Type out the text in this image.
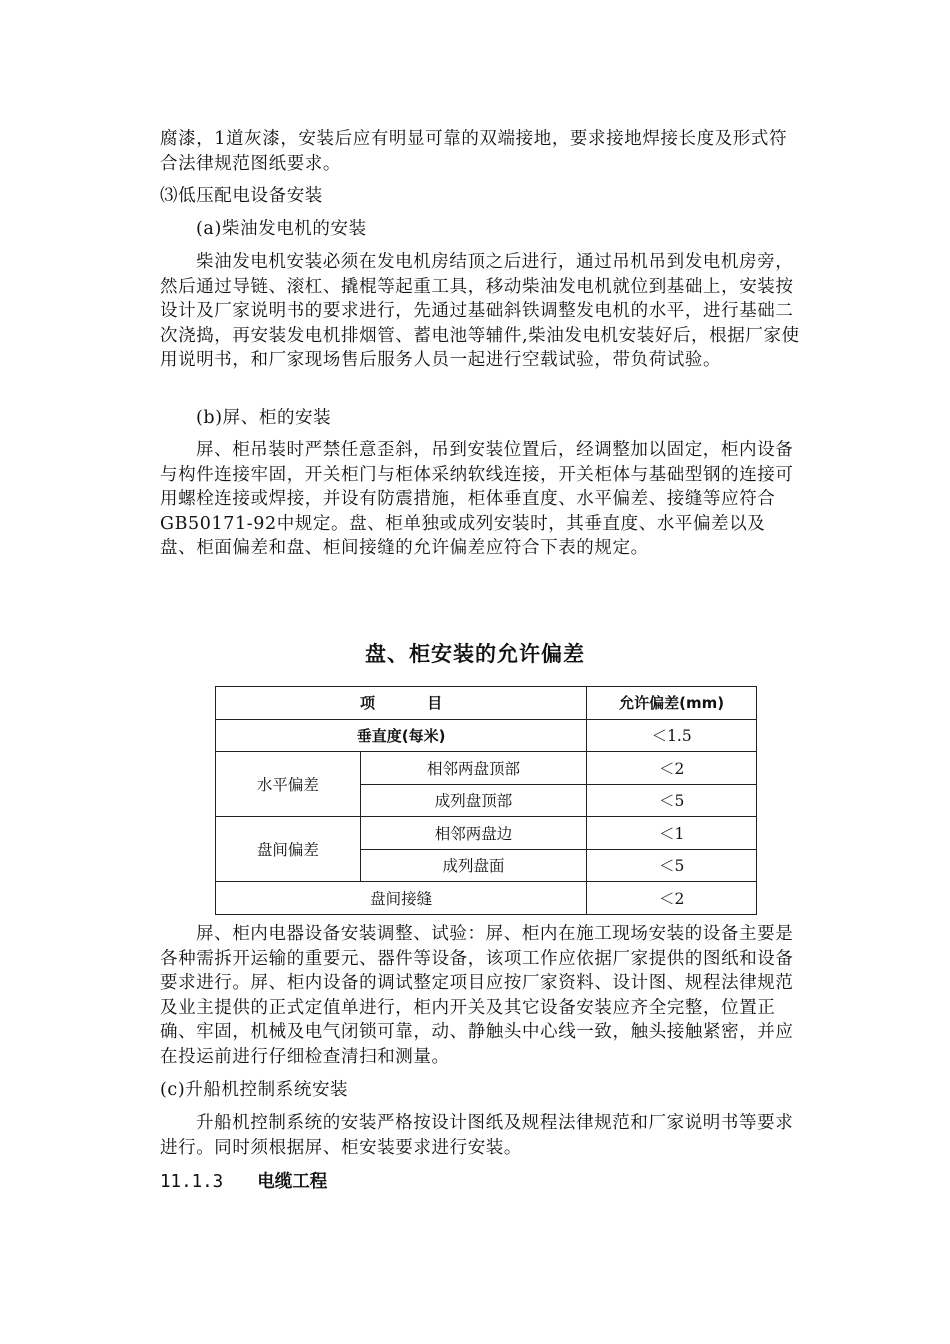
腐漆，1道灰漆，安装后应有明显可靠的双端接地，要求接地焊接长度及形式符合法律规范图纸要求。

⑶低压配电设备安装

(a)柴油发电机的安装

柴油发电机安装必须在发电机房结顶之后进行，通过吊机吊到发电机房旁，然后通过导链、滚杠、撬棍等起重工具，移动柴油发电机就位到基础上，安装按设计及厂家说明书的要求进行，先通过基础斜铁调整发电机的水平，进行基础二次浇捣，再安装发电机排烟管、蓄电池等辅件,柴油发电机安装好后，根据厂家使用说明书，和厂家现场售后服务人员一起进行空载试验，带负荷试验。

(b)屏、柜的安装

屏、柜吊装时严禁任意歪斜，吊到安装位置后，经调整加以固定，柜内设备与构件连接牢固，开关柜门与柜体采纳软线连接，开关柜体与基础型钢的连接可用螺栓连接或焊接，并设有防震措施，柜体垂直度、水平偏差、接缝等应符合GB50171-92中规定。盘、柜单独或成列安装时，其垂直度、水平偏差以及盘、柜面偏差和盘、柜间接缝的允许偏差应符合下表的规定。

盘、柜安装的允许偏差
项          目		允许偏差(mm)
垂直度(每米)		＜1.5
水平偏差	相邻两盘顶部	＜2
	成列盘顶部	＜5
盘间偏差	相邻两盘边	＜1
	成列盘面	＜5
盘间接缝		＜2

屏、柜内电器设备安装调整、试验：屏、柜内在施工现场安装的设备主要是各种需拆开运输的重要元、器件等设备，该项工作应依据厂家提供的图纸和设备要求进行。屏、柜内设备的调试整定项目应按厂家资料、设计图、规程法律规范及业主提供的正式定值单进行，柜内开关及其它设备安装应齐全完整，位置正确、牢固，机械及电气闭锁可靠，动、静触头中心线一致，触头接触紧密，并应在投运前进行仔细检查清扫和测量。

(c)升船机控制系统安装

升船机控制系统的安装严格按设计图纸及规程法律规范和厂家说明书等要求进行。同时须根据屏、柜安装要求进行安装。

11.1.3 电缆工程
